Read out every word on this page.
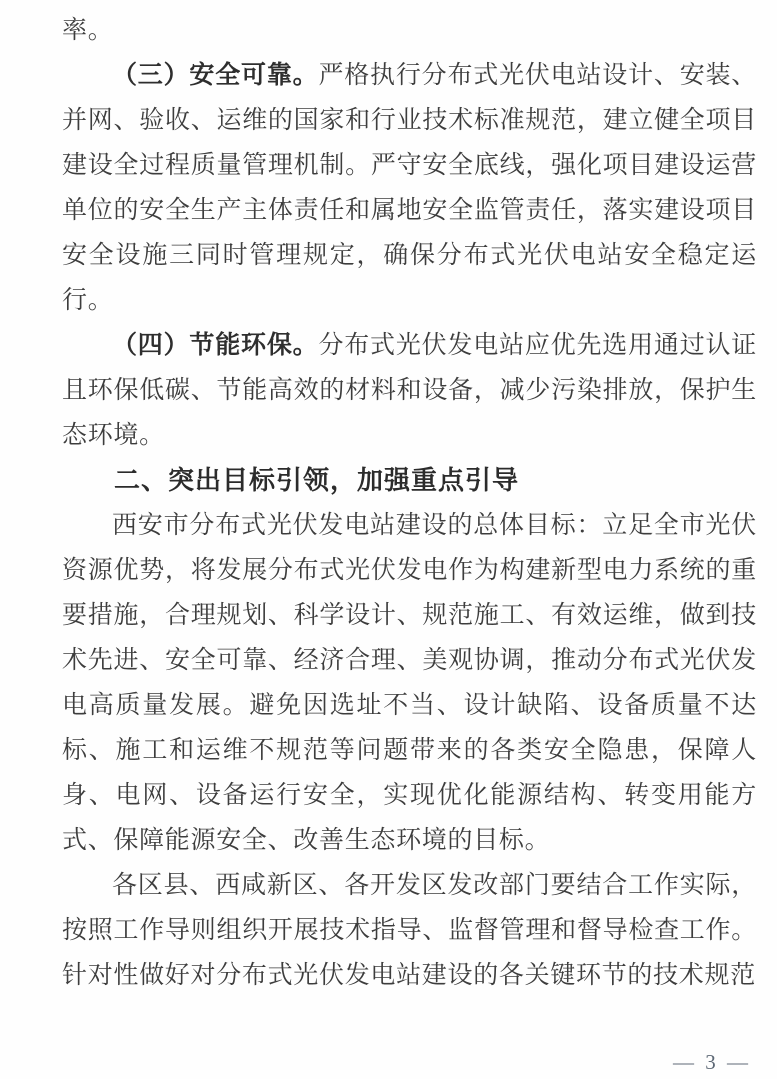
率。

（三）安全可靠。严格执行分布式光伏电站设计、安装、并网、验收、运维的国家和行业技术标准规范，建立健全项目建设全过程质量管理机制。严守安全底线，强化项目建设运营单位的安全生产主体责任和属地安全监管责任，落实建设项目安全设施三同时管理规定，确保分布式光伏电站安全稳定运行。

（四）节能环保。分布式光伏发电站应优先选用通过认证且环保低碳、节能高效的材料和设备，减少污染排放，保护生态环境。

二、突出目标引领，加强重点引导

西安市分布式光伏发电站建设的总体目标：立足全市光伏资源优势，将发展分布式光伏发电作为构建新型电力系统的重要措施，合理规划、科学设计、规范施工、有效运维，做到技术先进、安全可靠、经济合理、美观协调，推动分布式光伏发电高质量发展。避免因选址不当、设计缺陷、设备质量不达标、施工和运维不规范等问题带来的各类安全隐患，保障人身、电网、设备运行安全，实现优化能源结构、转变用能方式、保障能源安全、改善生态环境的目标。

各区县、西咸新区、各开发区发改部门要结合工作实际，按照工作导则组织开展技术指导、监督管理和督导检查工作。针对性做好对分布式光伏发电站建设的各关键环节的技术规范

— 3 —
